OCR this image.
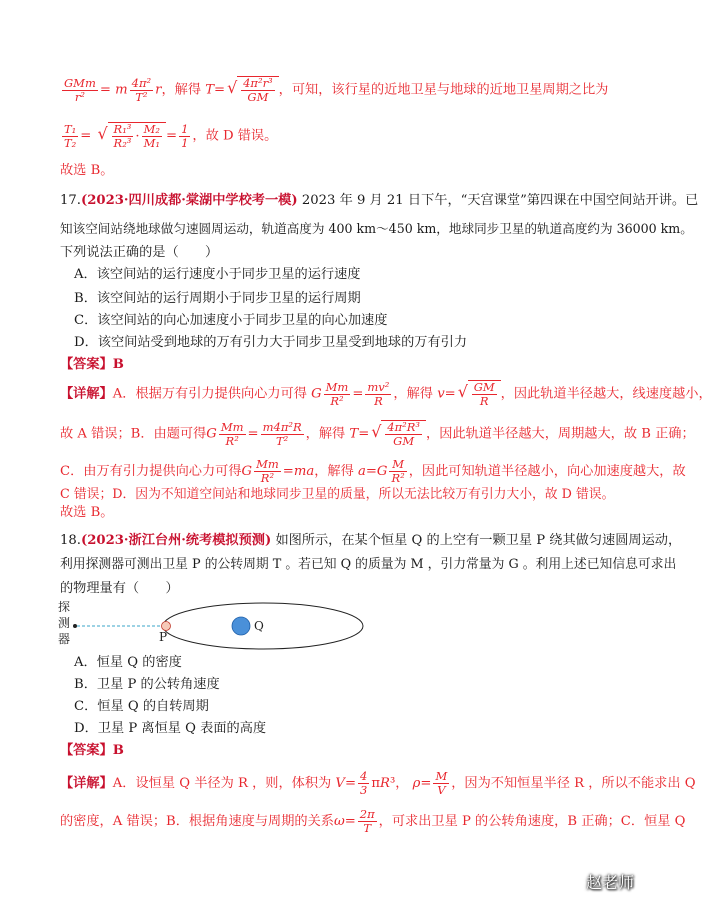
$\frac{\text{GMm}}{\text{r²}} = m \frac{\text{4π²}}{\text{T²}}$ r，解得 T= √ $\frac{\text{4π²r³}}{GM}$ ，可知，该行星的近地卫星与地球的近地卫星周期之比为
$\frac{\text{T₁}}{\text{T₂}}$ = √ $\frac{\text{R₁³}}{\text{R₂³}} \cdot \frac{\text{M₂}}{\text{M₁}} = \frac{1}{1}$ ，故 D 错误。
故选 B。
17.(2023·四川成都·棠湖中学校考一模) 2023 年 9 月 21 日下午，“天宫课堂”第四课在中国空间站开讲。已
知该空间站绕地球做匀速圆周运动，轨道高度为 400 km～450 km，地球同步卫星的轨道高度约为 36000 km。
下列说法正确的是（　　）
A．该空间站的运行速度小于同步卫星的运行速度
B．该空间站的运行周期小于同步卫星的运行周期
C．该空间站的向心加速度小于同步卫星的向心加速度
D．该空间站受到地球的万有引力大于同步卫星受到地球的万有引力
【答案】B
【详解】A．根据万有引力提供向心力可得 G $\frac{Mm}{\text{R²}} = \frac{\text{mv²}}{R}$ ，解得 v= √ $\frac{GM}{R}$ ，因此轨道半径越大，线速度越小，
故 A 错误；B．由题可得G $\frac{Mm}{\text{R²}} = \frac{\text{m4π²R}}{\text{T²}}$ ，解得 T= √ $\frac{\text{4π²R³}}{GM}$ ，因此轨道半径越大，周期越大，故 B 正确；
C．由万有引力提供向心力可得G $\frac{Mm}{\text{R²}} =ma$，解得 $a=G \frac{M}{\text{R²}}$ ，因此可知轨道半径越小，向心加速度越大，故
C 错误；D．因为不知道空间站和地球同步卫星的质量，所以无法比较万有引力大小，故 D 错误。
故选 B。
18.(2023·浙江台州·统考模拟预测) 如图所示，在某个恒星 Q 的上空有一颗卫星 P 绕其做匀速圆周运动，
利用探测器可测出卫星 P 的公转周期 T 。若已知 Q 的质量为 M ，引力常量为 G 。利用上述已知信息可求出
的物理量有（　　）
探
测
器	P
Q
A．恒星 Q 的密度
B．卫星 P 的公转角速度
C．恒星 Q 的自转周期
D．卫星 P 离恒星 Q 表面的高度
【答案】B
【详解】A．设恒星 Q 半径为 R ，则，体积为 $V= \frac{4}{3} \pi R^3$， $\rho= \frac{M}{V}$ ，因为不知恒星半径 R ，所以不能求出 Q
的密度，A 错误；B．根据角速度与周期的关系$\omega= \frac{2\pi}{T}$ ，可求出卫星 P 的公转角速度，B 正确；C．恒星 Q
赵老师
